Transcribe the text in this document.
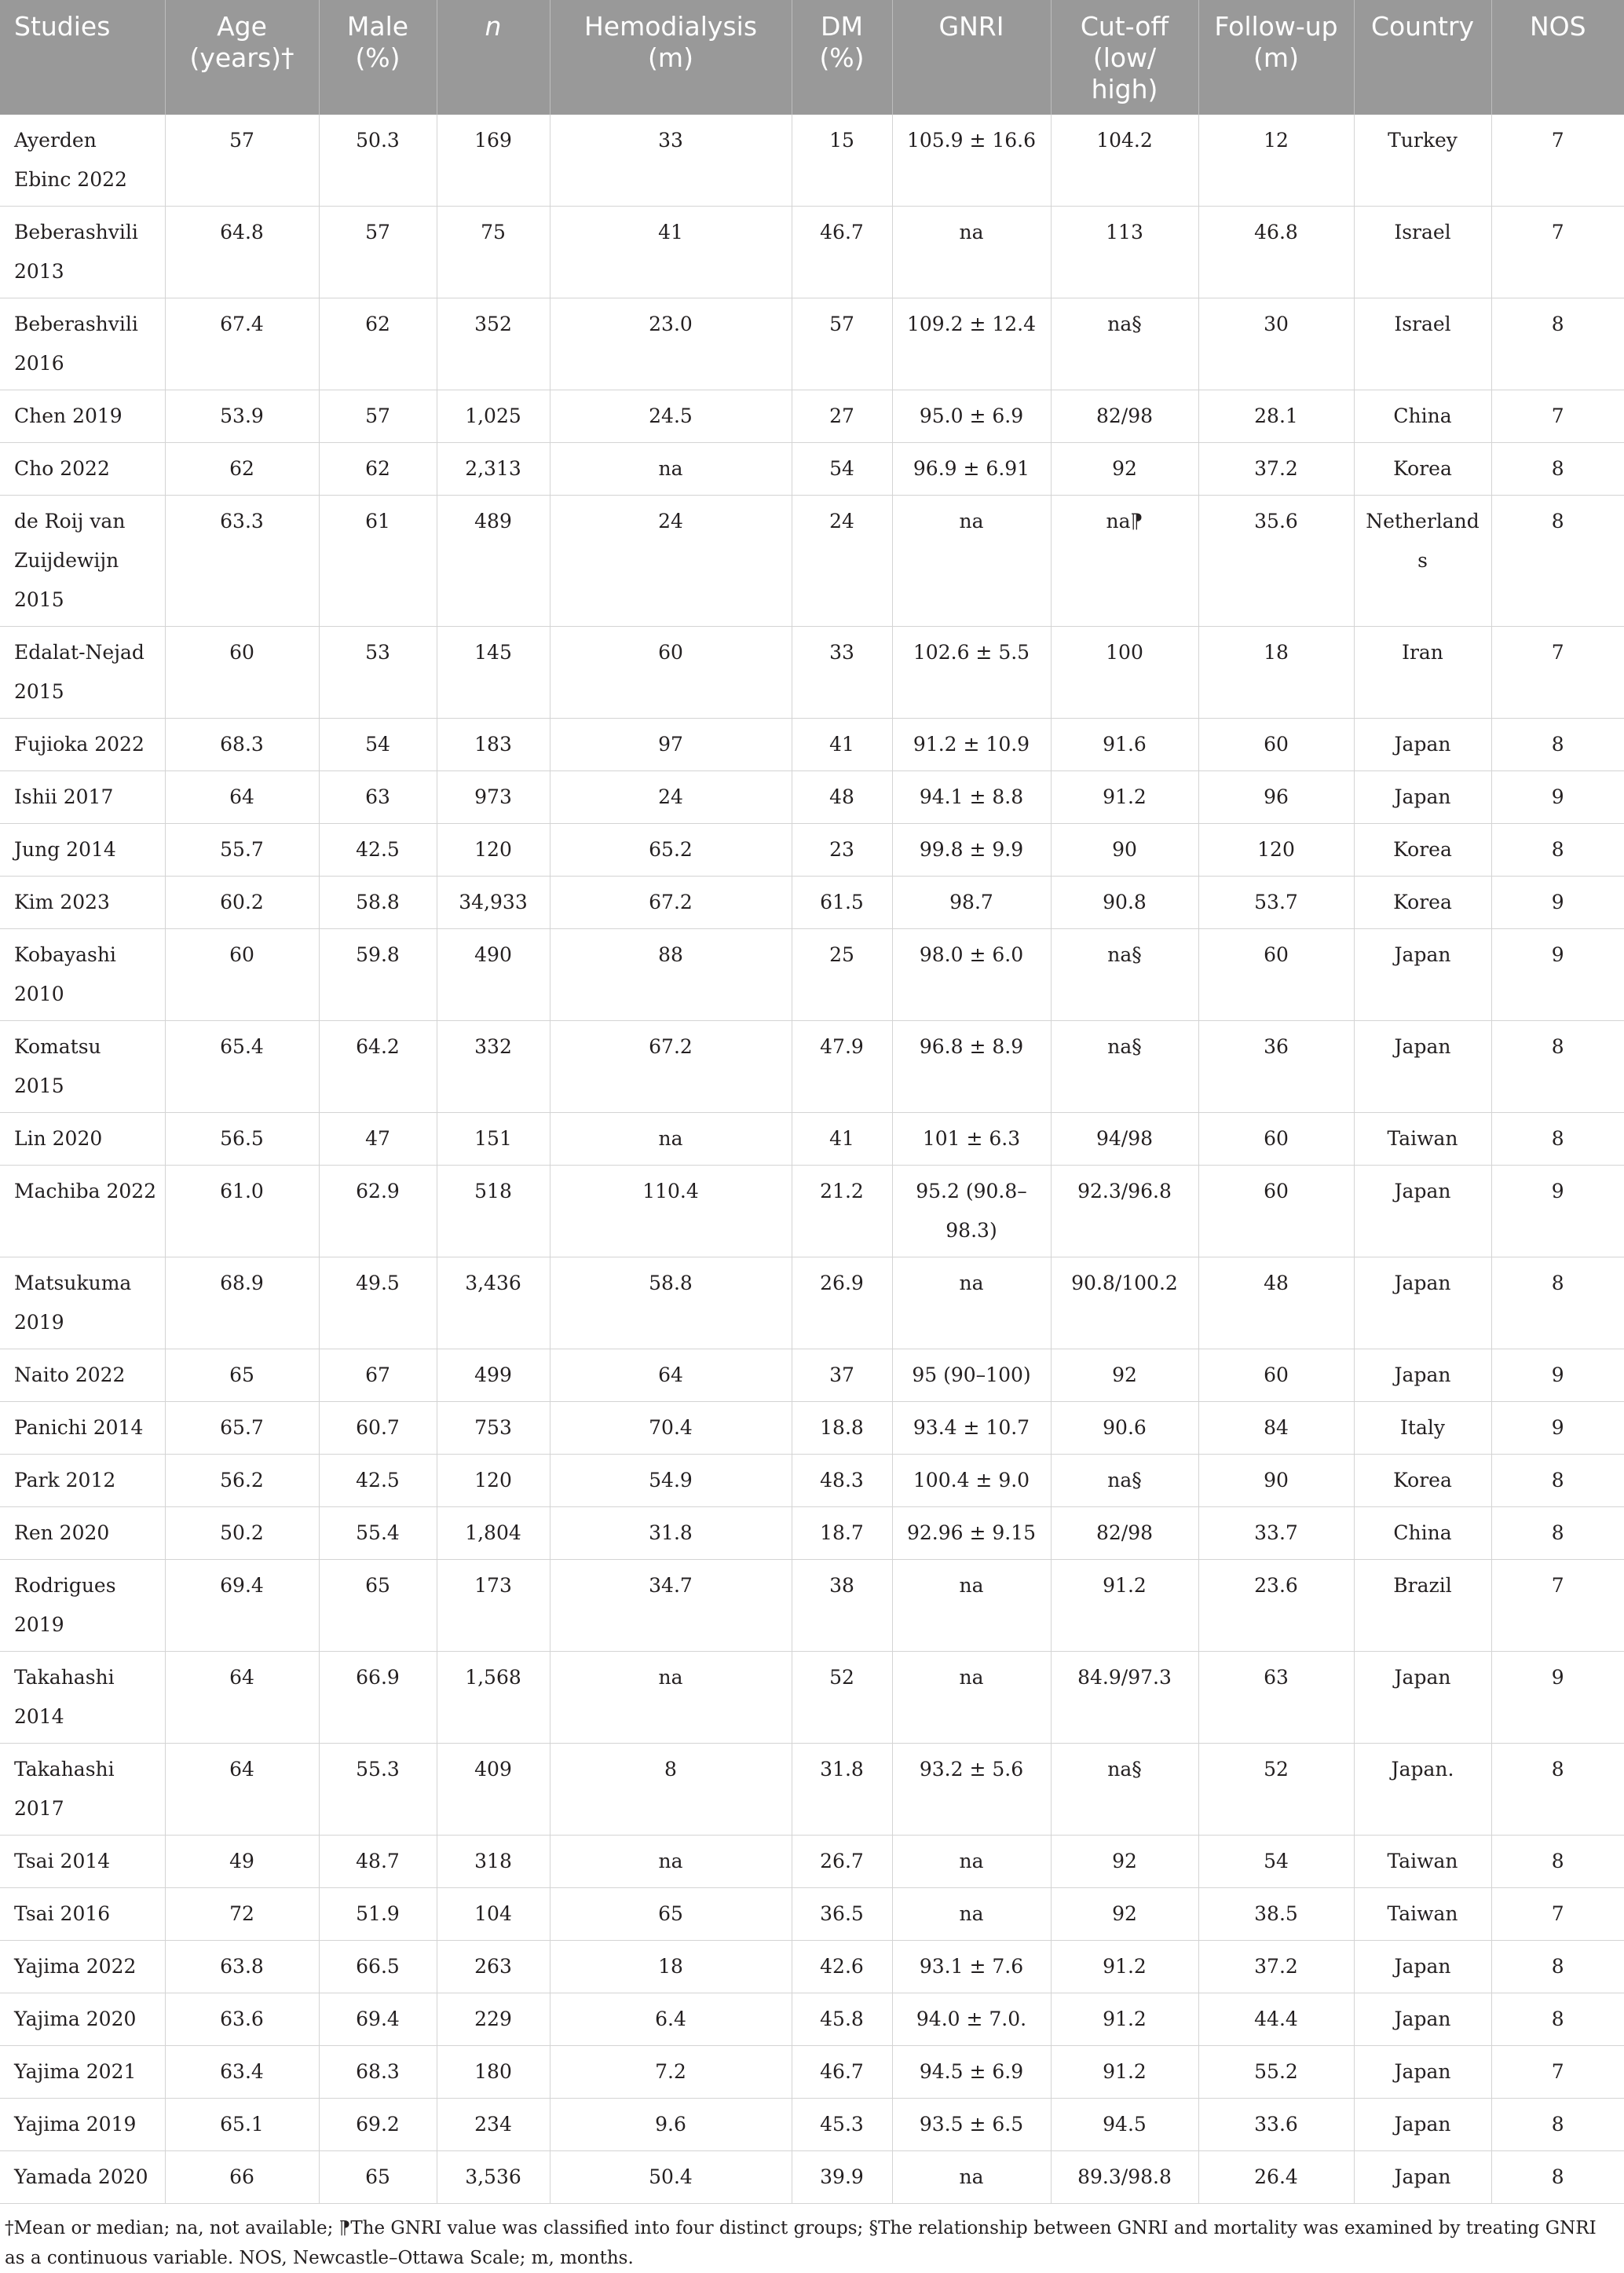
Studies	Age (years)†	Male (%)	n	Hemodialysis (m)	DM (%)	GNRI	Cut-off (low/ high)	Follow-up (m)	Country	NOS
Ayerden Ebinc 2022	57	50.3	169	33	15	105.9 ± 16.6	104.2	12	Turkey	7
Beberashvili 2013	64.8	57	75	41	46.7	na	113	46.8	Israel	7
Beberashvili 2016	67.4	62	352	23.0	57	109.2 ± 12.4	na§	30	Israel	8
Chen 2019	53.9	57	1,025	24.5	27	95.0 ± 6.9	82/98	28.1	China	7
Cho 2022	62	62	2,313	na	54	96.9 ± 6.91	92	37.2	Korea	8
de Roij van Zuijdewijn 2015	63.3	61	489	24	24	na	na⁋	35.6	Netherlands	8
Edalat-Nejad 2015	60	53	145	60	33	102.6 ± 5.5	100	18	Iran	7
Fujioka 2022	68.3	54	183	97	41	91.2 ± 10.9	91.6	60	Japan	8
Ishii 2017	64	63	973	24	48	94.1 ± 8.8	91.2	96	Japan	9
Jung 2014	55.7	42.5	120	65.2	23	99.8 ± 9.9	90	120	Korea	8
Kim 2023	60.2	58.8	34,933	67.2	61.5	98.7	90.8	53.7	Korea	9
Kobayashi 2010	60	59.8	490	88	25	98.0 ± 6.0	na§	60	Japan	9
Komatsu 2015	65.4	64.2	332	67.2	47.9	96.8 ± 8.9	na§	36	Japan	8
Lin 2020	56.5	47	151	na	41	101 ± 6.3	94/98	60	Taiwan	8
Machiba 2022	61.0	62.9	518	110.4	21.2	95.2 (90.8–98.3)	92.3/96.8	60	Japan	9
Matsukuma 2019	68.9	49.5	3,436	58.8	26.9	na	90.8/100.2	48	Japan	8
Naito 2022	65	67	499	64	37	95 (90–100)	92	60	Japan	9
Panichi 2014	65.7	60.7	753	70.4	18.8	93.4 ± 10.7	90.6	84	Italy	9
Park 2012	56.2	42.5	120	54.9	48.3	100.4 ± 9.0	na§	90	Korea	8
Ren 2020	50.2	55.4	1,804	31.8	18.7	92.96 ± 9.15	82/98	33.7	China	8
Rodrigues 2019	69.4	65	173	34.7	38	na	91.2	23.6	Brazil	7
Takahashi 2014	64	66.9	1,568	na	52	na	84.9/97.3	63	Japan	9
Takahashi 2017	64	55.3	409	8	31.8	93.2 ± 5.6	na§	52	Japan.	8
Tsai 2014	49	48.7	318	na	26.7	na	92	54	Taiwan	8
Tsai 2016	72	51.9	104	65	36.5	na	92	38.5	Taiwan	7
Yajima 2022	63.8	66.5	263	18	42.6	93.1 ± 7.6	91.2	37.2	Japan	8
Yajima 2020	63.6	69.4	229	6.4	45.8	94.0 ± 7.0.	91.2	44.4	Japan	8
Yajima 2021	63.4	68.3	180	7.2	46.7	94.5 ± 6.9	91.2	55.2	Japan	7
Yajima 2019	65.1	69.2	234	9.6	45.3	93.5 ± 6.5	94.5	33.6	Japan	8
Yamada 2020	66	65	3,536	50.4	39.9	na	89.3/98.8	26.4	Japan	8
†Mean or median; na, not available; ⁋The GNRI value was classified into four distinct groups; §The relationship between GNRI and mortality was examined by treating GNRI as a continuous variable. NOS, Newcastle–Ottawa Scale; m, months.
